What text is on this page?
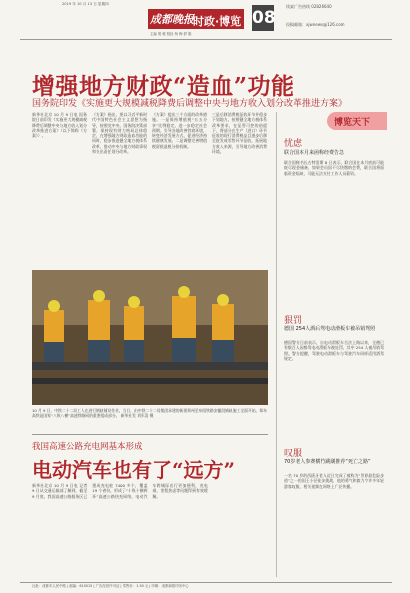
2019 年 10 月 13 日 星期四
成都晚报 时政·博览 08
线索广告热线 02826640
投稿邮箱：xjwnews@126.com
主编 胡 敏 校检 杨 梅 舒 娟
增强地方财政“造血”功能
国务院印发《实施更大规模减税降费后调整中央与地方收入划分改革推进方案》
新华社北京 10 月 9 日电 国务院日前印发《实施更大规模减税降费后调整中央与地方收入划分改革推进方案》（以下简称《方案》）。
《方案》指出，要以习近平新时代中国特色社会主义思想为指导，按照党中央、国务院决策部署，保持现有财力格局总体稳定，在增强地方财政造血功能的同时，稳步推进健全地方税体系改革，推动中央与地方财政事权和支出责任划分改革。
《方案》提出三个方面的改革措施。一是保持增值税“五五分享”比例稳定。进一步稳定社会预期，引导各地改善营商环境，转变经济发展方式，促进经济持续健康发展。二是调整完善增值税留抵退税分担机制。
三是后移消费税征收环节并稳步下划地方。按照健全地方税体系改革要求，在征管可控的前提下，将部分在生产（进口）环节征收的现行消费税品目逐步后移至批发或零售环节征收，拓展地方收入来源，引导地方改善消费环境。
10 月 9 日，中铁二十二局工人在进行钢轨铺设作业。当日，由中铁二十二局集团承建的新建郑州至阜阳铁路安徽段铺轨施工全面开始。郑阜高铁是国家“八纵八横”高速铁路网的重要组成部分。 新华社发 刘军喜 摄
我国高速公路充电网基本形成
电动汽车也有了“远方”
新华社北京 10 月 9 日电 记者 9 日从交通运输部了解到，截至 9 月底，我国高速公路服务区已建成充电桩 7400 多个，覆盖 19 个省份，形成了“十纵十横两环”高速公路快充网络。电动汽车跨城际出行更加便利，充电难、里程焦虑等问题得到有效缓解。
博览天下
忧虑
联合国本月来函称经费告急
联合国秘书长古特雷斯 8 日表示，联合国在本月底前可能耗尽现金储备，如果会员国不尽快缴纳会费，联合国将面临资金短缺，可能无法支付工作人员薪资。
狠罚
德国 254人酒后驾电动滑板车被吊销驾照
德国警方日前表示，自电动滑板车合法上路以来，全德已有数百人因醉驾电动滑板车被处罚，其中 254 人被吊销驾照。警方提醒，驾驶电动滑板车与驾驶汽车同样适用酒驾规定。
叹服
70岁老人参赛横竹跳刷推荐“死亡之路”
一名 70 岁的西班牙老人近日完成了被称为“世界最危险步道”之一的国王小径徒步挑战，他的勇气和毅力令许多年轻游客叹服，相关视频在网络上广泛传播。
社址：成都市人民中路 | 邮编：610015 | 广告经营许可证 | 零售价：1.50 元 | 印刷：成都商报印务中心
